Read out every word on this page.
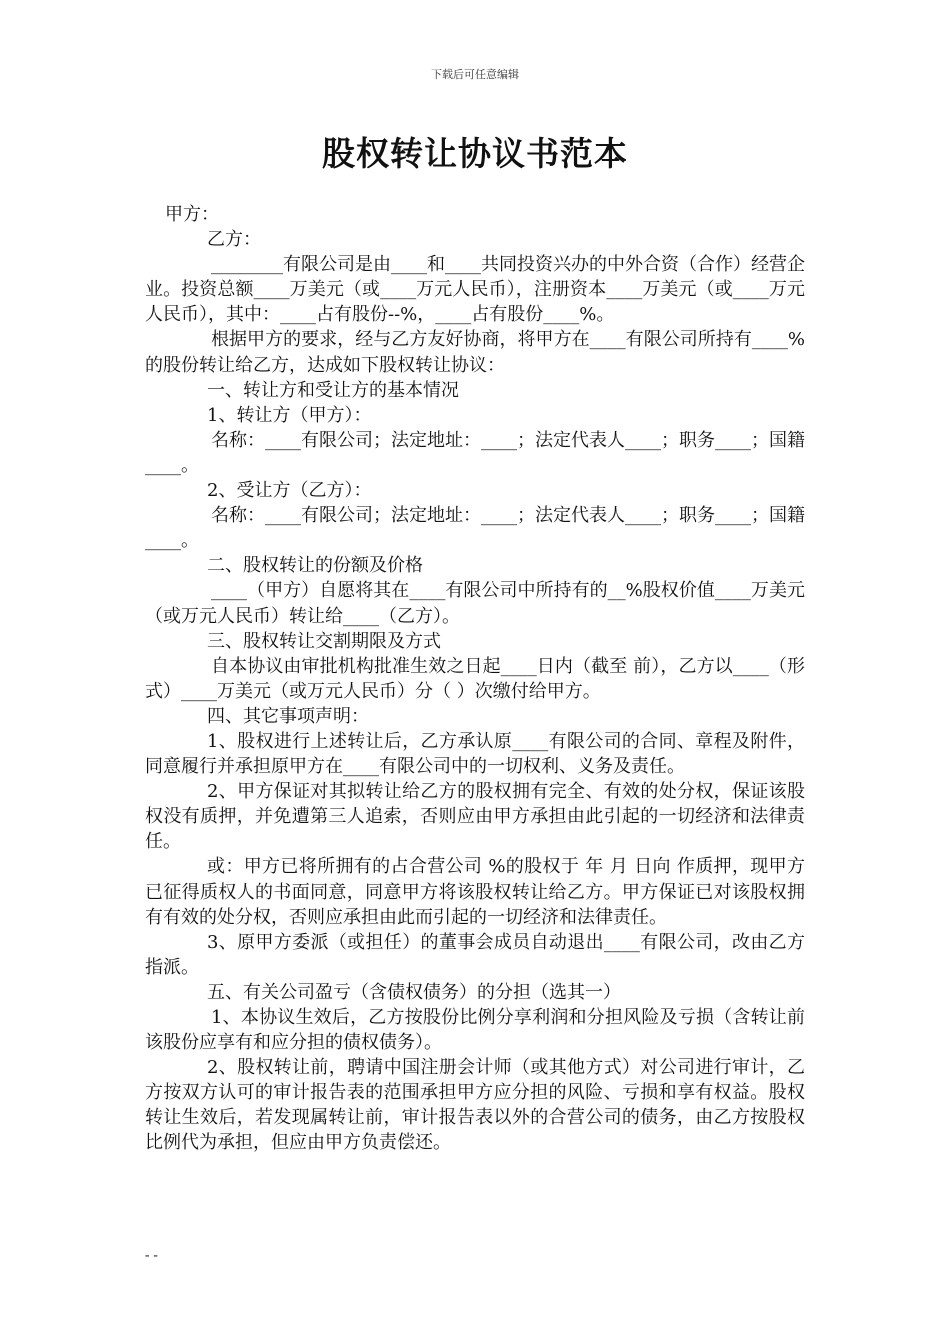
下载后可任意编辑
股权转让协议书范本

甲方：

乙方：

________有限公司是由____和____共同投资兴办的中外合资（合作）经营企业。投资总额____万美元（或____万元人民币），注册资本____万美元（或____万元人民币），其中：____占有股份--%，____占有股份____%。

根据甲方的要求，经与乙方友好协商，将甲方在____有限公司所持有____%的股份转让给乙方，达成如下股权转让协议：

一、转让方和受让方的基本情况

1、转让方（甲方）：

名称：____有限公司；法定地址：____；法定代表人____；职务____；国籍____。

2、受让方（乙方）：

名称：____有限公司；法定地址：____；法定代表人____；职务____；国籍____。

二、股权转让的份额及价格

____（甲方）自愿将其在____有限公司中所持有的__%股权价值____万美元（或万元人民币）转让给____（乙方）。

三、股权转让交割期限及方式

自本协议由审批机构批准生效之日起____日内（截至 前），乙方以____（形式）____万美元（或万元人民币）分（ ）次缴付给甲方。

四、其它事项声明：

1、股权进行上述转让后，乙方承认原____有限公司的合同、章程及附件，同意履行并承担原甲方在____有限公司中的一切权利、义务及责任。

2、甲方保证对其拟转让给乙方的股权拥有完全、有效的处分权，保证该股权没有质押，并免遭第三人追索，否则应由甲方承担由此引起的一切经济和法律责任。

或：甲方已将所拥有的占合营公司 %的股权于 年 月 日向 作质押，现甲方已征得质权人的书面同意，同意甲方将该股权转让给乙方。甲方保证已对该股权拥有有效的处分权，否则应承担由此而引起的一切经济和法律责任。

3、原甲方委派（或担任）的董事会成员自动退出____有限公司，改由乙方指派。

五、有关公司盈亏（含债权债务）的分担（选其一）

1、本协议生效后，乙方按股份比例分享利润和分担风险及亏损（含转让前该股份应享有和应分担的债权债务）。

2、股权转让前，聘请中国注册会计师（或其他方式）对公司进行审计，乙方按双方认可的审计报告表的范围承担甲方应分担的风险、亏损和享有权益。股权转让生效后，若发现属转让前，审计报告表以外的合营公司的债务，由乙方按股权比例代为承担，但应由甲方负责偿还。

--
